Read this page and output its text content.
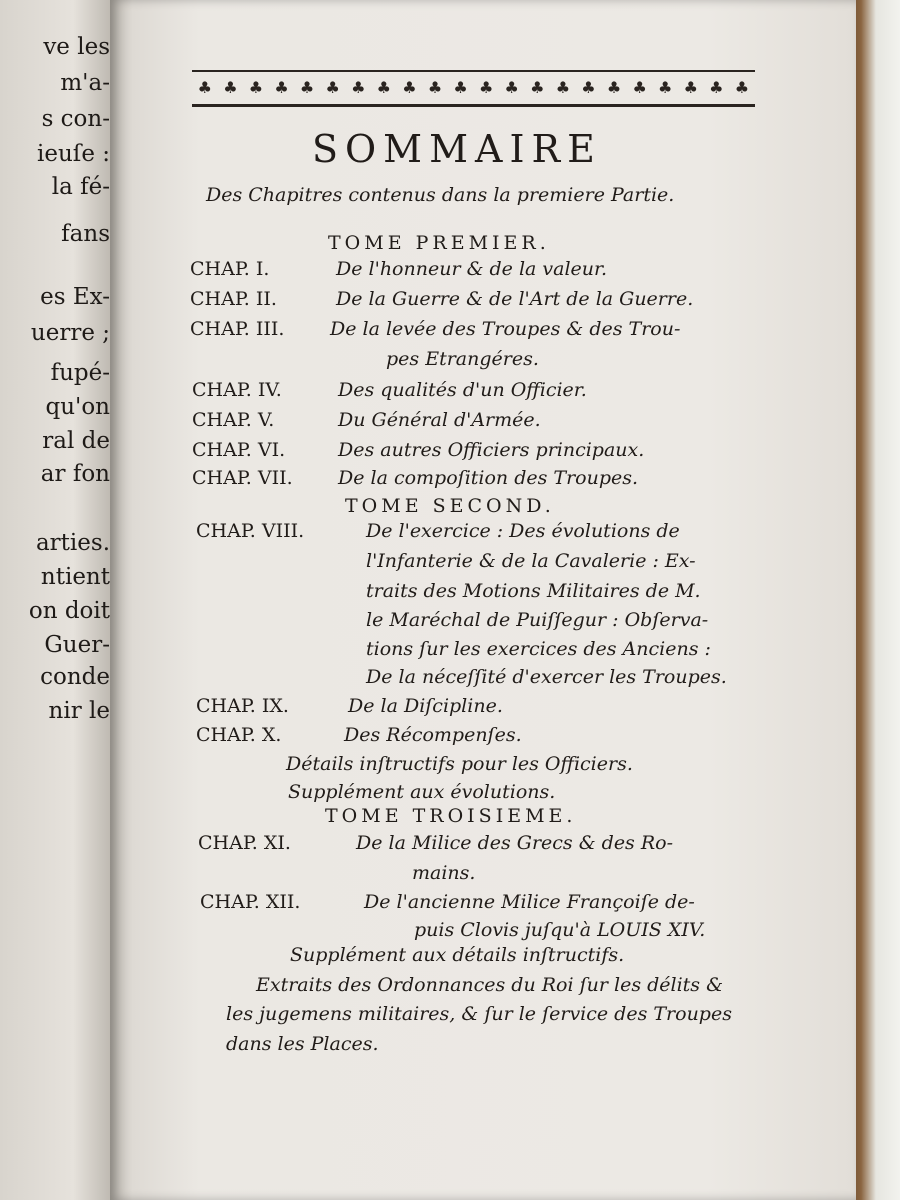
ve les
m'a-
s con-
ieuſe :
la fé-
fans
es Ex-
uerre ;
fupé-
qu'on
ral de
ar fon
arties.
ntient
on doit
Guer-
conde
nir le
♣ ♣ ♣ ♣ ♣ ♣ ♣ ♣ ♣ ♣ ♣ ♣ ♣ ♣ ♣ ♣ ♣ ♣ ♣ ♣ ♣ ♣
SOMMAIRE
Des Chapitres contenus dans la premiere Partie.
TOME PREMIER.
CHAP. I.	De l'honneur & de la valeur.
CHAP. II.	De la Guerre & de l'Art de la Guerre.
CHAP. III. De la levée des Troupes & des Trou-
pes Etrangéres.
CHAP. IV.	Des qualités d'un Officier.
CHAP. V.	Du Général d'Armée.
CHAP. VI.	Des autres Officiers principaux.
CHAP. VII. De la compoſition des Troupes.
TOME SECOND.
CHAP. VIII.	De l'exercice : Des évolutions de
l'Infanterie & de la Cavalerie : Ex-
traits des Motions Militaires de M.
le Maréchal de Puiſſegur : Obſerva-
tions ſur les exercices des Anciens :
De la néceſſité d'exercer les Troupes.
CHAP. IX.	De la Diſcipline.
CHAP. X.	Des Récompenſes.
Détails inſtructifs pour les Officiers.
Supplément aux évolutions.
TOME TROISIEME.
CHAP. XI.	De la Milice des Grecs & des Ro-
mains.
CHAP. XII.	De l'ancienne Milice Françoiſe de-
puis Clovis juſqu'à LOUIS XIV.
Supplément aux détails inſtructifs.
Extraits des Ordonnances du Roi ſur les délits &
les jugemens militaires, & ſur le ſervice des Troupes
dans les Places.
